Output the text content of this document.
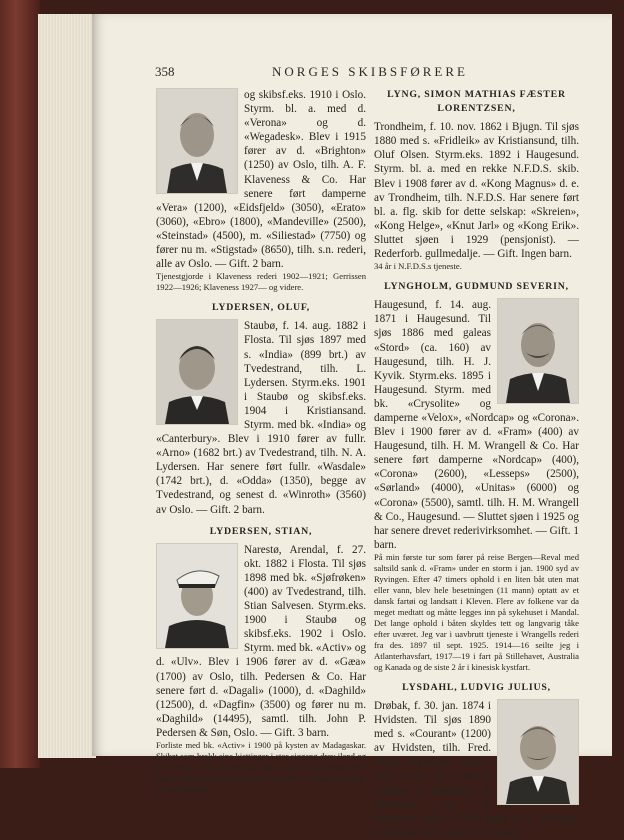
358	NORGES SKIBSFØRERE

og skibsf.eks. 1910 i Oslo. Styrm. bl. a. med d. «Verona» og d. «Wegadesk». Blev i 1915 fører av d. «Brighton» (1250) av Oslo, tilh. A. F. Klaveness & Co. Har senere ført damperne «Vera» (1200), «Eidsfjeld» (3050), «Erato» (3060), «Ebro» (1800), «Mandeville» (2500), «Steinstad» (4500), m. «Siliestad» (7750) og fører nu m. «Stigstad» (8650), tilh. s.n. rederi, alle av Oslo. — Gift. 2 barn.

Tjenestgjorde i Klaveness rederi 1902—1921; Gerrissen 1922—1926; Klaveness 1927— og videre.

LYDERSEN, OLUF,

Staubø, f. 14. aug. 1882 i Flosta. Til sjøs 1897 med s. «India» (899 brt.) av Tvedestrand, tilh. L. Lydersen. Styrm.eks. 1901 i Staubø og skibsf.eks. 1904 i Kristiansand. Styrm. med bk. «India» og «Canterbury». Blev i 1910 fører av fullr. «Arno» (1682 brt.) av Tvedestrand, tilh. N. A. Lydersen. Har senere ført fullr. «Wasdale» (1742 brt.), d. «Odda» (1350), begge av Tvedestrand, og senest d. «Winroth» (3560) av Oslo. — Gift. 2 barn.

LYDERSEN, STIAN,

Narestø, Arendal, f. 27. okt. 1882 i Flosta. Til sjøs 1898 med bk. «Sjøfrøken» (400) av Tvedestrand, tilh. Stian Salvesen. Styrm.eks. 1900 i Staubø og skibsf.eks. 1902 i Oslo. Styrm. med bk. «Activ» og d. «Ulv». Blev i 1906 fører av d. «Gæa» (1700) av Oslo, tilh. Pedersen & Co. Har senere ført d. «Dagali» (1000), d. «Daghild» (12500), d. «Dagfin» (3500) og fører nu m. «Daghild» (14495), samtl. tilh. John P. Pedersen & Søn, Oslo. — Gift. 3 barn.

Forliste med bk. «Activ» i 1900 på kysten av Madagaskar. Skibet som brakk sine kjettinger i stor sjøgang drev iland og blev totalt vrak. Lasten var salt i sekker og brennevin i kasser, innlastet i Port de Bouc, Frankrike. Forliset var stygt. 2 mann omkom.

LYNG, SIMON MATHIAS FÆSTER LORENTZSEN,

Trondheim, f. 10. nov. 1862 i Bjugn. Til sjøs 1880 med s. «Fridleik» av Kristiansund, tilh. Oluf Olsen. Styrm.eks. 1892 i Haugesund. Styrm. bl. a. med en rekke N.F.D.S. skib. Blev i 1908 fører av d. «Kong Magnus» d. e. av Trondheim, tilh. N.F.D.S. Har senere ført bl. a. flg. skib for dette selskap: «Skreien», «Kong Helge», «Knut Jarl» og «Kong Erik». Sluttet sjøen i 1929 (pensjonist). — Rederforb. gullmedalje. — Gift. Ingen barn.

34 år i N.F.D.S.s tjeneste.

LYNGHOLM, GUDMUND SEVERIN,

Haugesund, f. 14. aug. 1871 i Haugesund. Til sjøs 1886 med galeas «Stord» (ca. 160) av Haugesund, tilh. H. J. Kyvik. Styrm.eks. 1895 i Haugesund. Styrm. med bk. «Crysolite» og damperne «Velox», «Nordcap» og «Corona». Blev i 1900 fører av d. «Fram» (400) av Haugesund, tilh. H. M. Wrangell & Co. Har senere ført damperne «Nordcap» (400), «Corona» (2600), «Lesseps» (2500), «Sørland» (4000), «Unitas» (6000) og «Corona» (5500), samtl. tilh. H. M. Wrangell & Co., Haugesund. — Sluttet sjøen i 1925 og har senere drevet rederivirksomhet. — Gift. 1 barn.

På min første tur som fører på reise Bergen—Reval med saltsild sank d. «Fram» under en storm i jan. 1900 syd av Ryvingen. Efter 47 timers ophold i en liten båt uten mat eller vann, blev hele besetningen (11 mann) optatt av et dansk fartøi og landsatt i Kleven. Flere av folkene var da meget medtatt og måtte legges inn på sykehuset i Mandal. Det lange ophold i båten skyldes tett og langvarig tåke efter uværet. Jeg var i uavbrutt tjeneste i Wrangells rederi fra des. 1897 til sept. 1925. 1914—16 seilte jeg i Atlanterhavsfart, 1917—19 i fart på Stillehavet, Australia og Kanada og de siste 2 år i kinesisk kystfart.

LYSDAHL, LUDVIG JULIUS,

Drøbak, f. 30. jan. 1874 i Hvidsten. Til sjøs 1890 med s. «Courant» (1200) av Hvidsten, tilh. Fred. Olsen. Styrm.eks. 1894 i Oslo. Styrm. bl. a. med d. «Hilda», d. «Balduin», d. «Bolette» og d. «Marvel». Blev i 1910 fører av d. «Borgø» (1400) av Oslo, tilh. Fred. Olsen.
